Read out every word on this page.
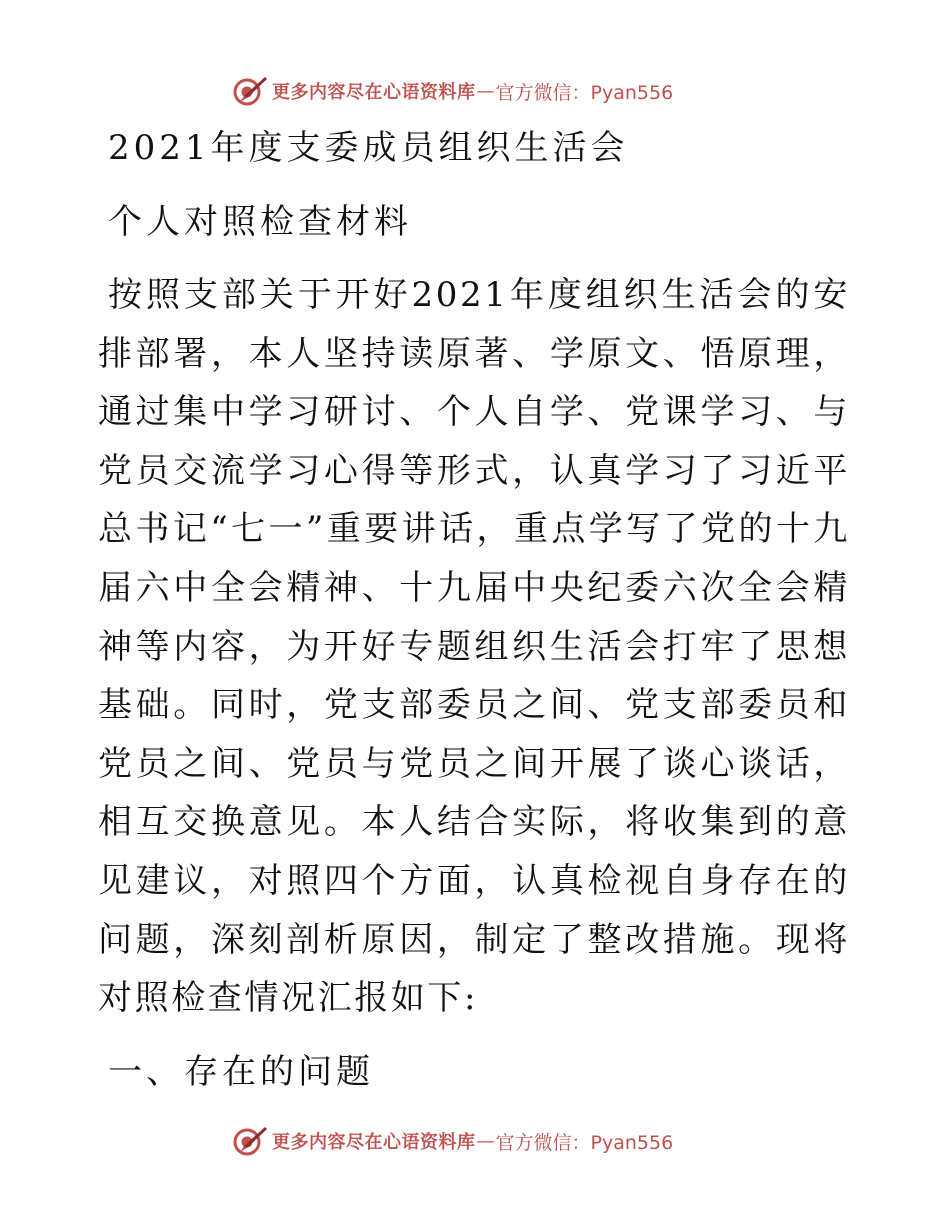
更多内容尽在心语资料库 — 官方微信：Pyan556
2021年度支委成员组织生活会
个人对照检查材料

按照支部关于开好2021年度组织生活会的安排部署，本人坚持读原著、学原文、悟原理，通过集中学习研讨、个人自学、党课学习、与党员交流学习心得等形式，认真学习了习近平总书记“七一”重要讲话，重点学写了党的十九届六中全会精神、十九届中央纪委六次全会精神等内容，为开好专题组织生活会打牢了思想基础。同时，党支部委员之间、党支部委员和党员之间、党员与党员之间开展了谈心谈话，相互交换意见。本人结合实际，将收集到的意见建议，对照四个方面，认真检视自身存在的问题，深刻剖析原因，制定了整改措施。现将对照检查情况汇报如下:

一、存在的问题
更多内容尽在心语资料库 — 官方微信：Pyan556
